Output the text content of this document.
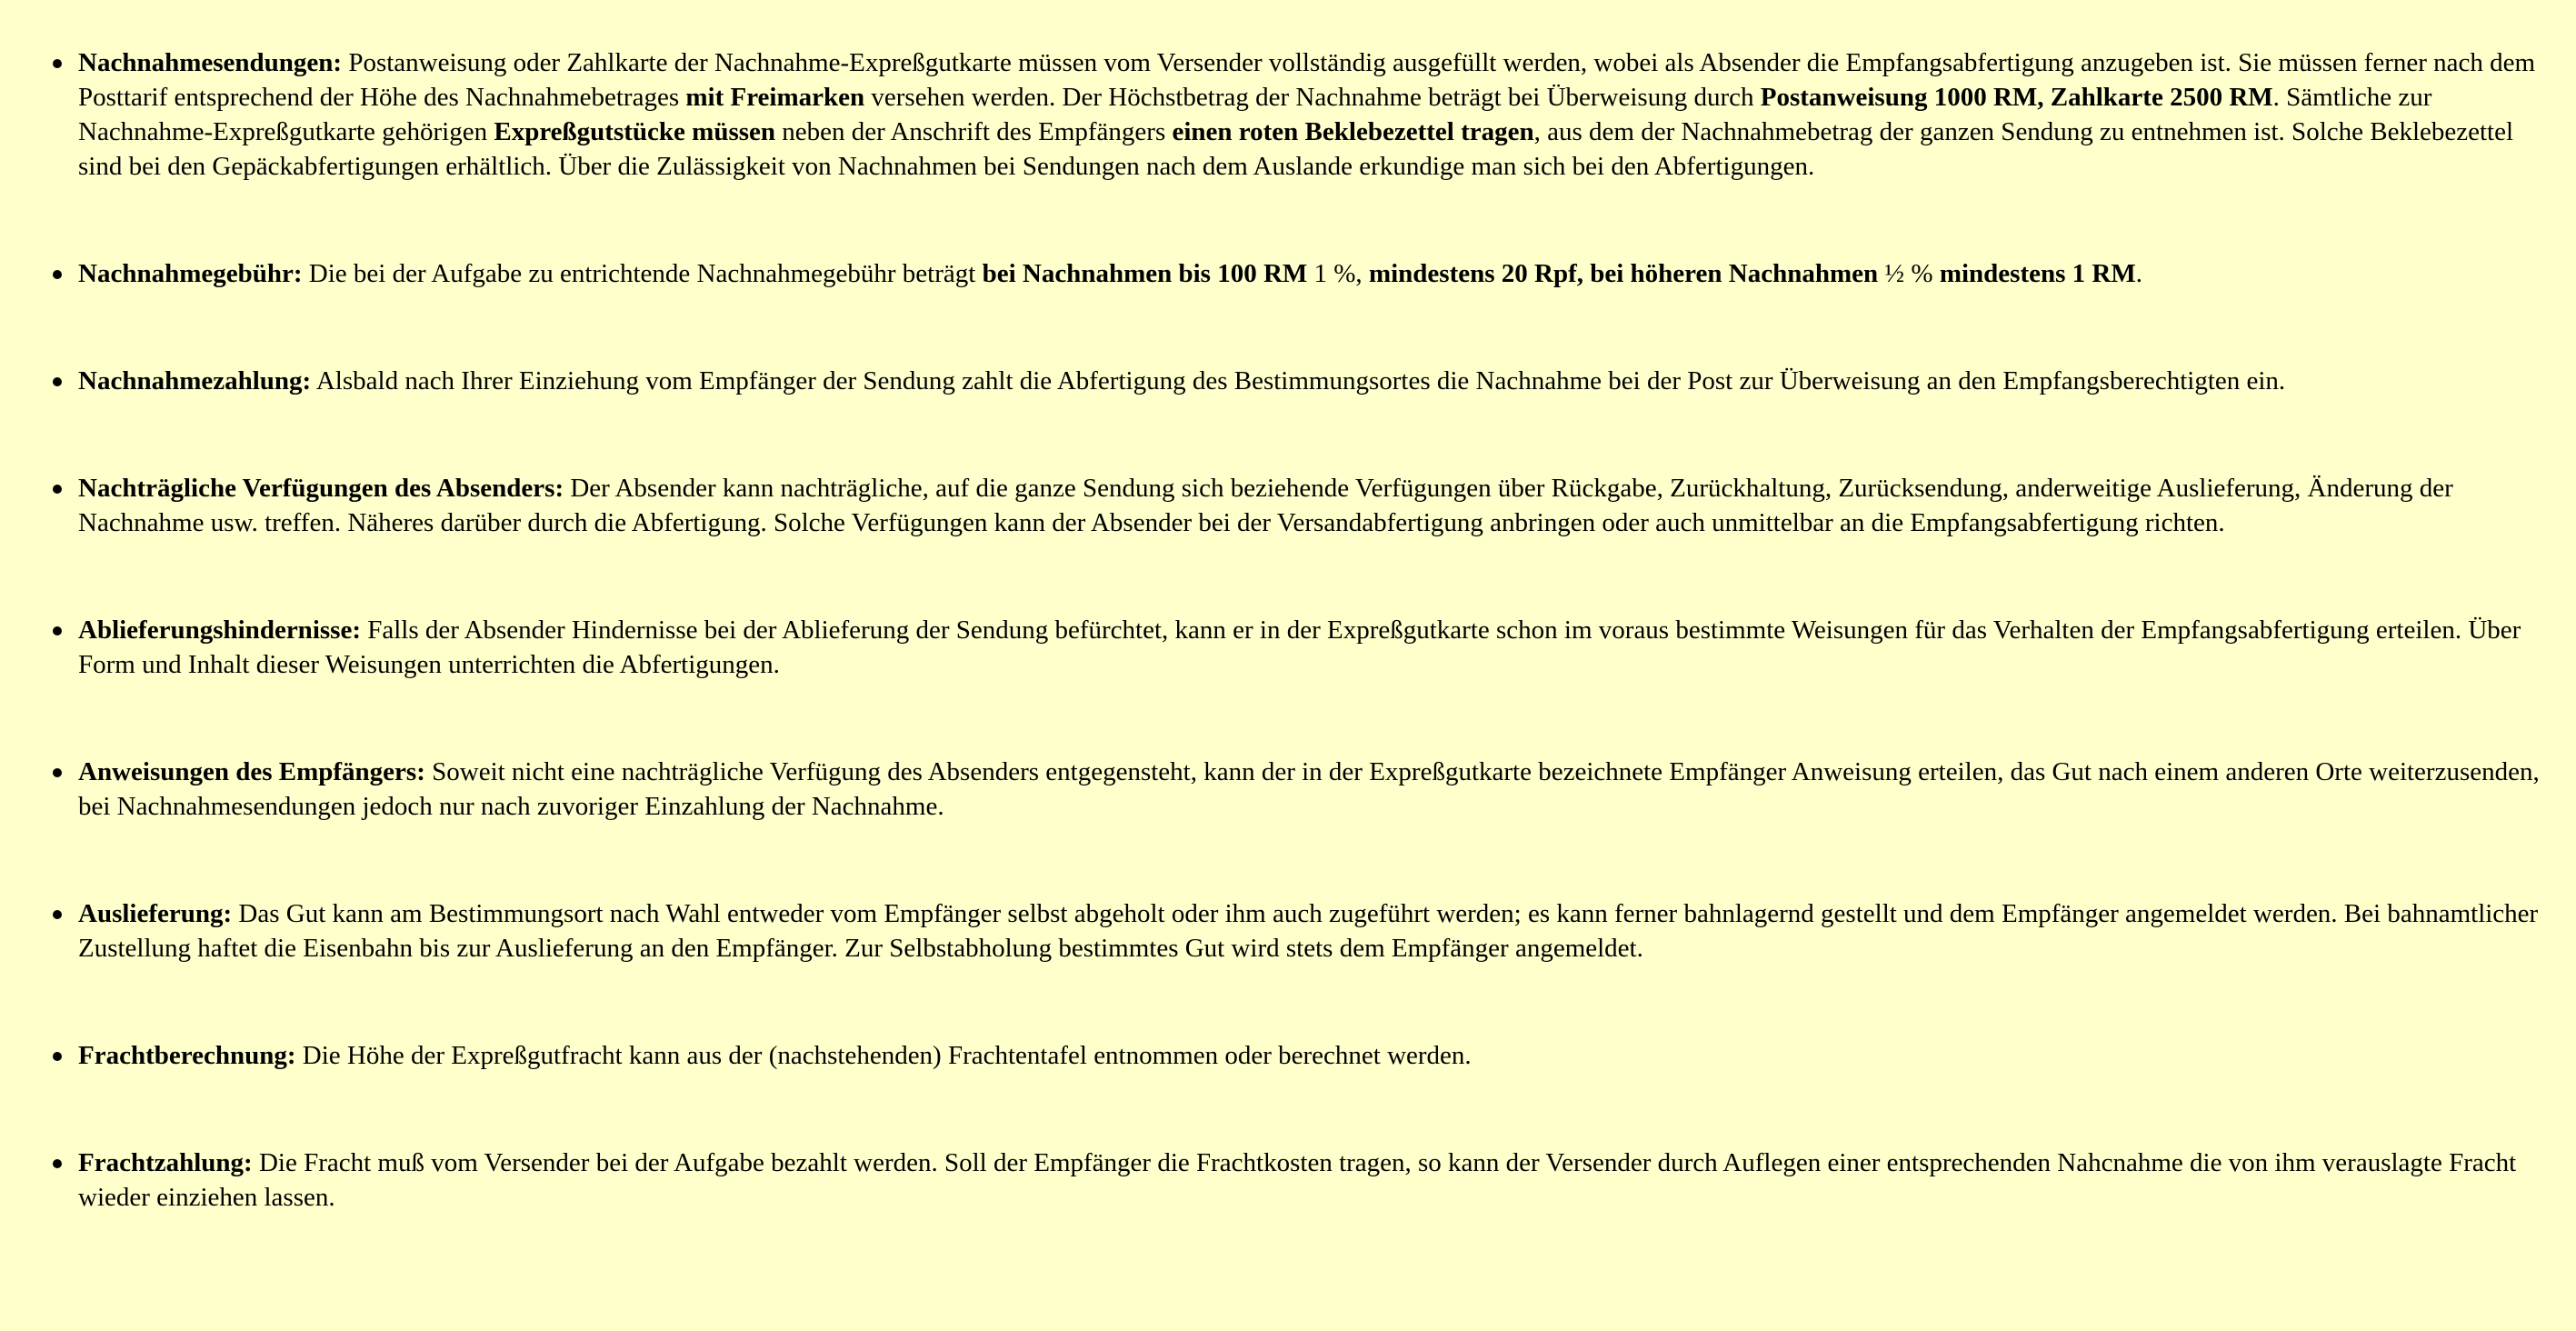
Nachnahmesendungen: Postanweisung oder Zahlkarte der Nachnahme-Expreßgutkarte müssen vom Versender vollständig ausgefüllt werden, wobei als Absender die Empfangsabfertigung anzugeben ist. Sie müssen ferner nach dem Posttarif entsprechend der Höhe des Nachnahmebetrages mit Freimarken versehen werden. Der Höchstbetrag der Nachnahme beträgt bei Überweisung durch Postanweisung 1000 RM, Zahlkarte 2500 RM. Sämtliche zur Nachnahme-Expreßgutkarte gehörigen Expreßgutstücke müssen neben der Anschrift des Empfängers einen roten Beklebezettel tragen, aus dem der Nachnahmebetrag der ganzen Sendung zu entnehmen ist. Solche Beklebezettel sind bei den Gepäckabfertigungen erhältlich. Über die Zulässigkeit von Nachnahmen bei Sendungen nach dem Auslande erkundige man sich bei den Abfertigungen.
Nachnahmegebühr: Die bei der Aufgabe zu entrichtende Nachnahmegebühr beträgt bei Nachnahmen bis 100 RM 1 %, mindestens 20 Rpf, bei höheren Nachnahmen ½ % mindestens 1 RM.
Nachnahmezahlung: Alsbald nach Ihrer Einziehung vom Empfänger der Sendung zahlt die Abfertigung des Bestimmungsortes die Nachnahme bei der Post zur Überweisung an den Empfangsberechtigten ein.
Nachträgliche Verfügungen des Absenders: Der Absender kann nachträgliche, auf die ganze Sendung sich beziehende Verfügungen über Rückgabe, Zurückhaltung, Zurücksendung, anderweitige Auslieferung, Änderung der Nachnahme usw. treffen. Näheres darüber durch die Abfertigung. Solche Verfügungen kann der Absender bei der Versandabfertigung anbringen oder auch unmittelbar an die Empfangsabfertigung richten.
Ablieferungshindernisse: Falls der Absender Hindernisse bei der Ablieferung der Sendung befürchtet, kann er in der Expreßgutkarte schon im voraus bestimmte Weisungen für das Verhalten der Empfangsabfertigung erteilen. Über Form und Inhalt dieser Weisungen unterrichten die Abfertigungen.
Anweisungen des Empfängers: Soweit nicht eine nachträgliche Verfügung des Absenders entgegensteht, kann der in der Expreßgutkarte bezeichnete Empfänger Anweisung erteilen, das Gut nach einem anderen Orte weiterzusenden, bei Nachnahmesendungen jedoch nur nach zuvoriger Einzahlung der Nachnahme.
Auslieferung: Das Gut kann am Bestimmungsort nach Wahl entweder vom Empfänger selbst abgeholt oder ihm auch zugeführt werden; es kann ferner bahnlagernd gestellt und dem Empfänger angemeldet werden. Bei bahnamtlicher Zustellung haftet die Eisenbahn bis zur Auslieferung an den Empfänger. Zur Selbstabholung bestimmtes Gut wird stets dem Empfänger angemeldet.
Frachtberechnung: Die Höhe der Expreßgutfracht kann aus der (nachstehenden) Frachtentafel entnommen oder berechnet werden.
Frachtzahlung: Die Fracht muß vom Versender bei der Aufgabe bezahlt werden. Soll der Empfänger die Frachtkosten tragen, so kann der Versender durch Auflegen einer entsprechenden Nahcnahme die von ihm verauslagte Fracht wieder einziehen lassen.
